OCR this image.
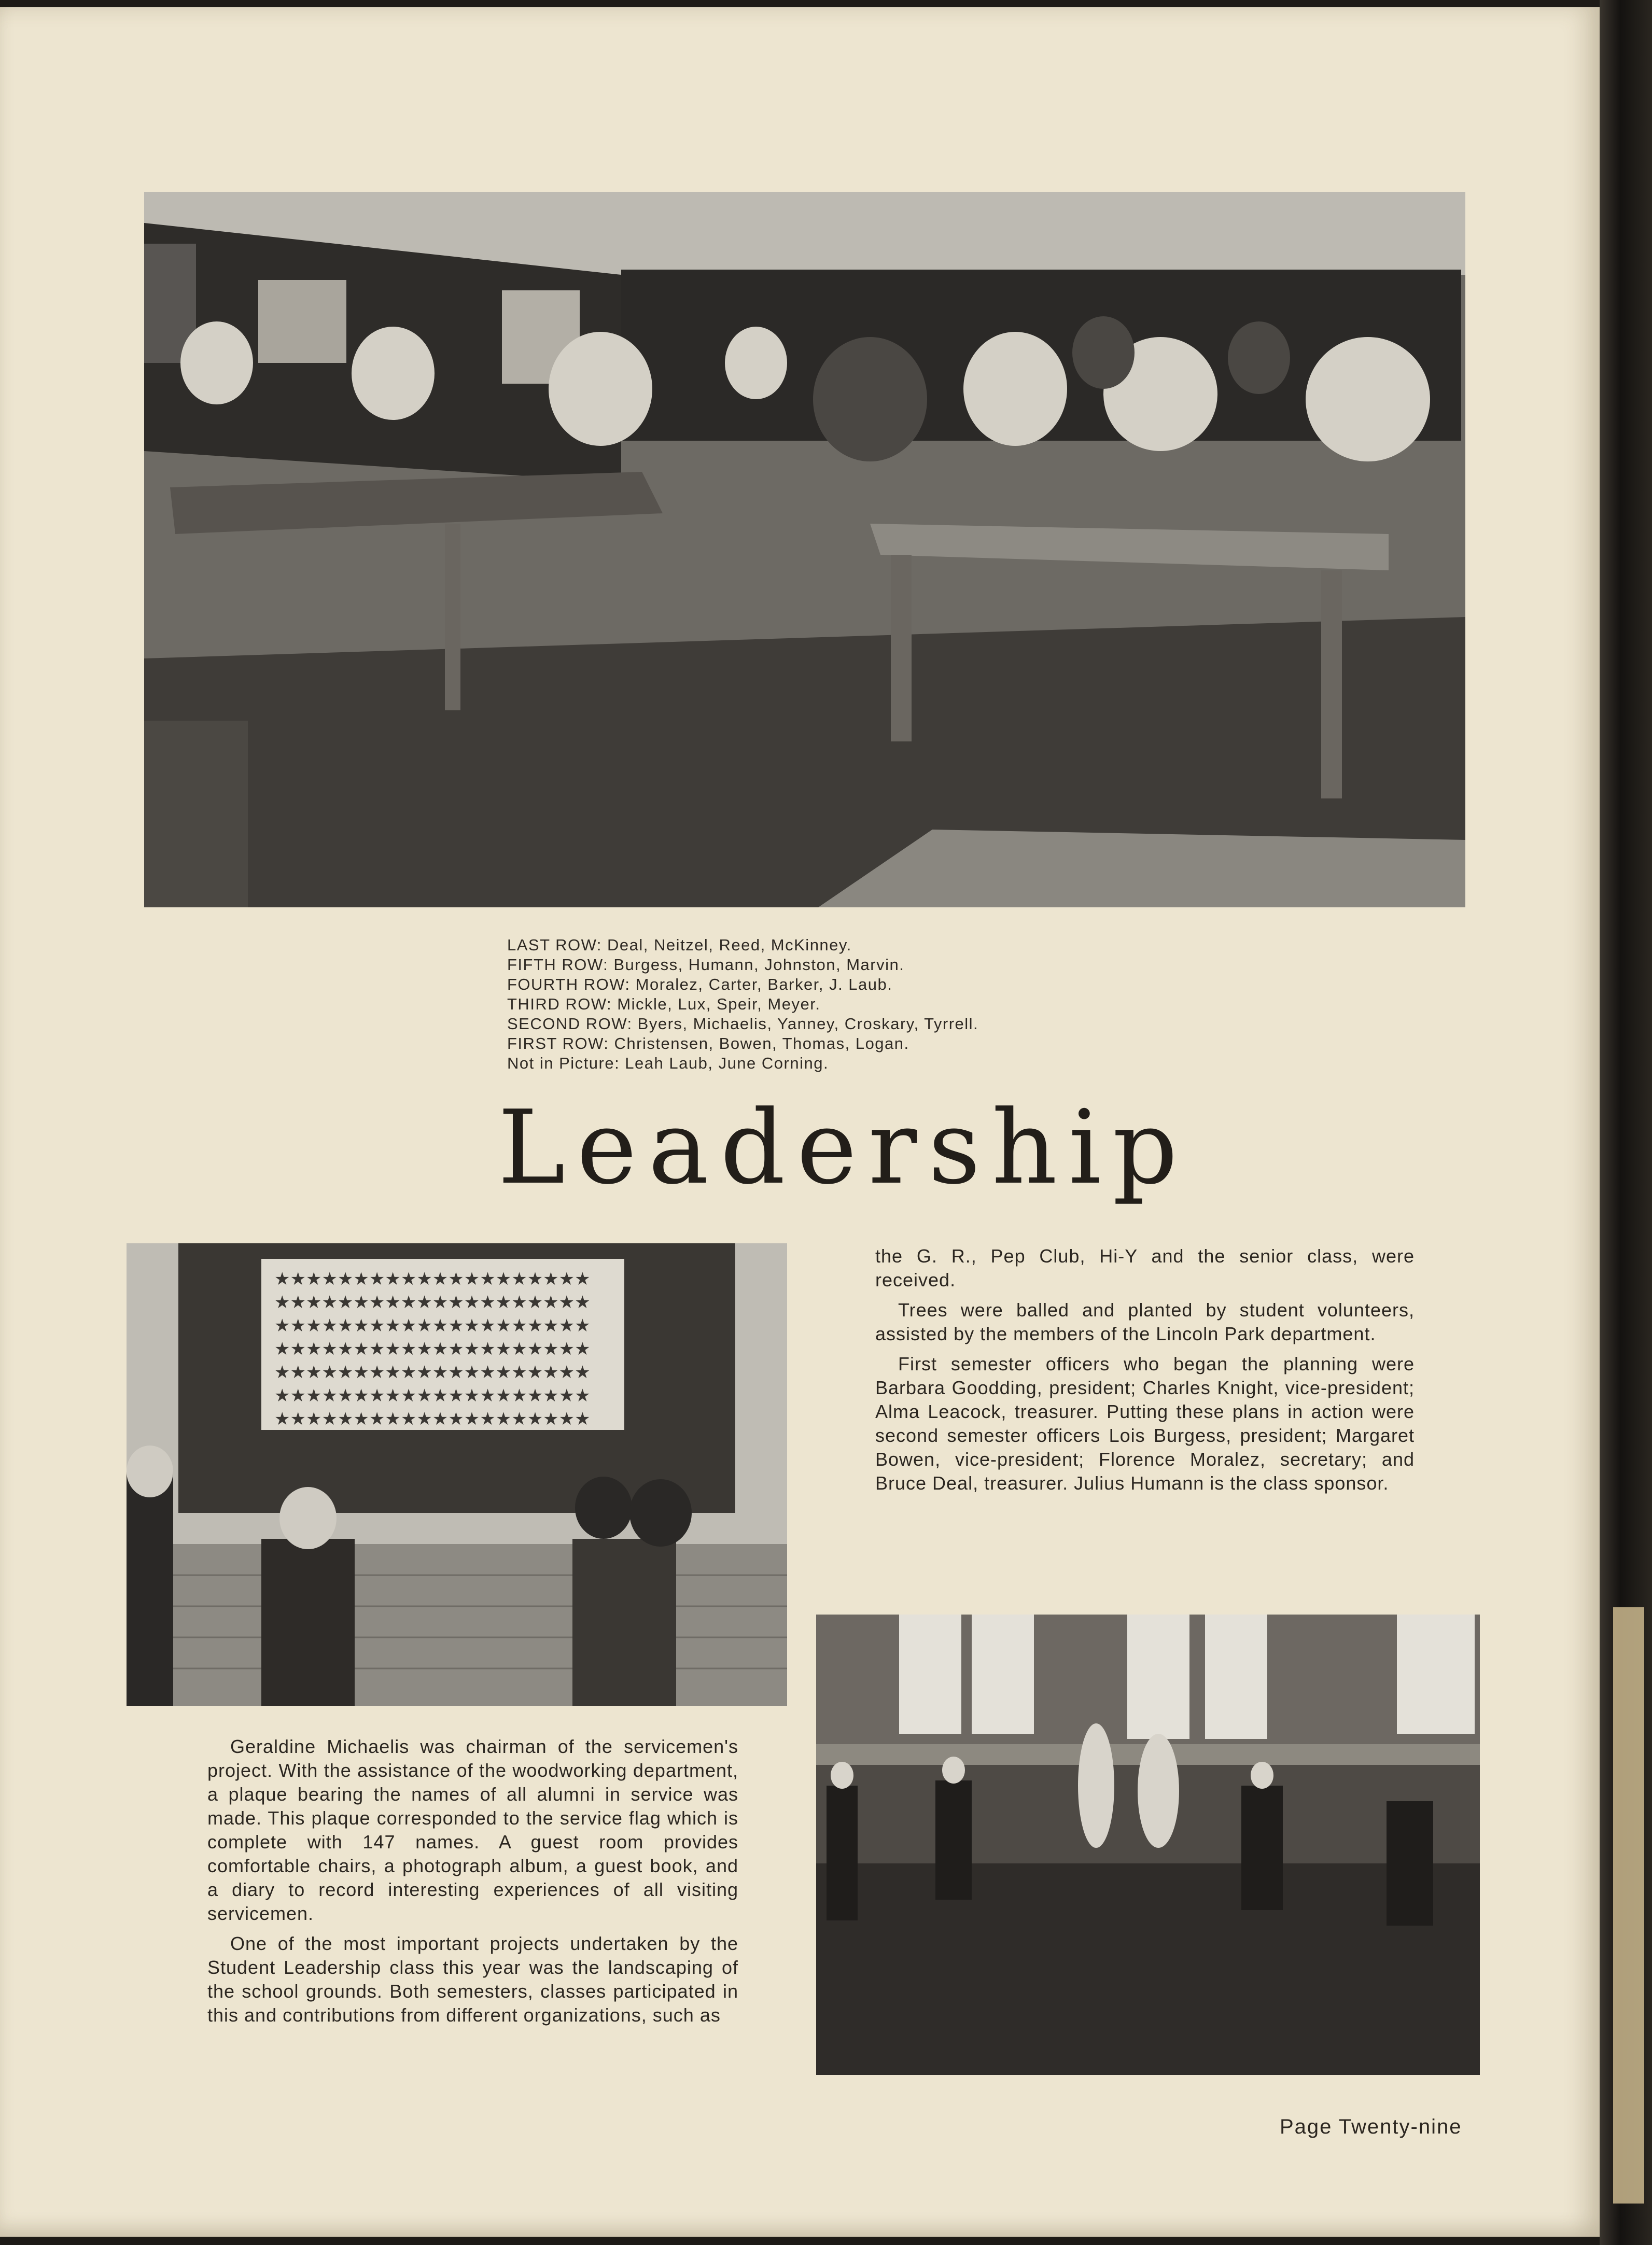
LAST ROW: Deal, Neitzel, Reed, McKinney.
FIFTH ROW: Burgess, Humann, Johnston, Marvin.
FOURTH ROW: Moralez, Carter, Barker, J. Laub.
THIRD ROW: Mickle, Lux, Speir, Meyer.
SECOND ROW: Byers, Michaelis, Yanney, Croskary, Tyrrell.
FIRST ROW: Christensen, Bowen, Thomas, Logan.
Not in Picture: Leah Laub, June Corning.
Leadership
★★★★★★★★★★★★★★★★★★★★
★★★★★★★★★★★★★★★★★★★★
★★★★★★★★★★★★★★★★★★★★
★★★★★★★★★★★★★★★★★★★★
★★★★★★★★★★★★★★★★★★★★
★★★★★★★★★★★★★★★★★★★★
★★★★★★★★★★★★★★★★★★★★

Geraldine Michaelis was chairman of the servicemen's project. With the assistance of the woodworking department, a plaque bearing the names of all alumni in service was made. This plaque corresponded to the service flag which is complete with 147 names. A guest room provides comfortable chairs, a photograph album, a guest book, and a diary to record interesting experiences of all visiting servicemen.

One of the most important projects undertaken by the Student Leadership class this year was the landscaping of the school grounds. Both semesters, classes participated in this and contributions from different organizations, such as

the G. R., Pep Club, Hi-Y and the senior class, were received.

Trees were balled and planted by student volunteers, assisted by the members of the Lincoln Park department.

First semester officers who began the planning were Barbara Goodding, president; Charles Knight, vice-president; Alma Leacock, treasurer. Putting these plans in action were second semester officers Lois Burgess, president; Margaret Bowen, vice-president; Florence Moralez, secretary; and Bruce Deal, treasurer. Julius Humann is the class sponsor.

Page Twenty-nine
